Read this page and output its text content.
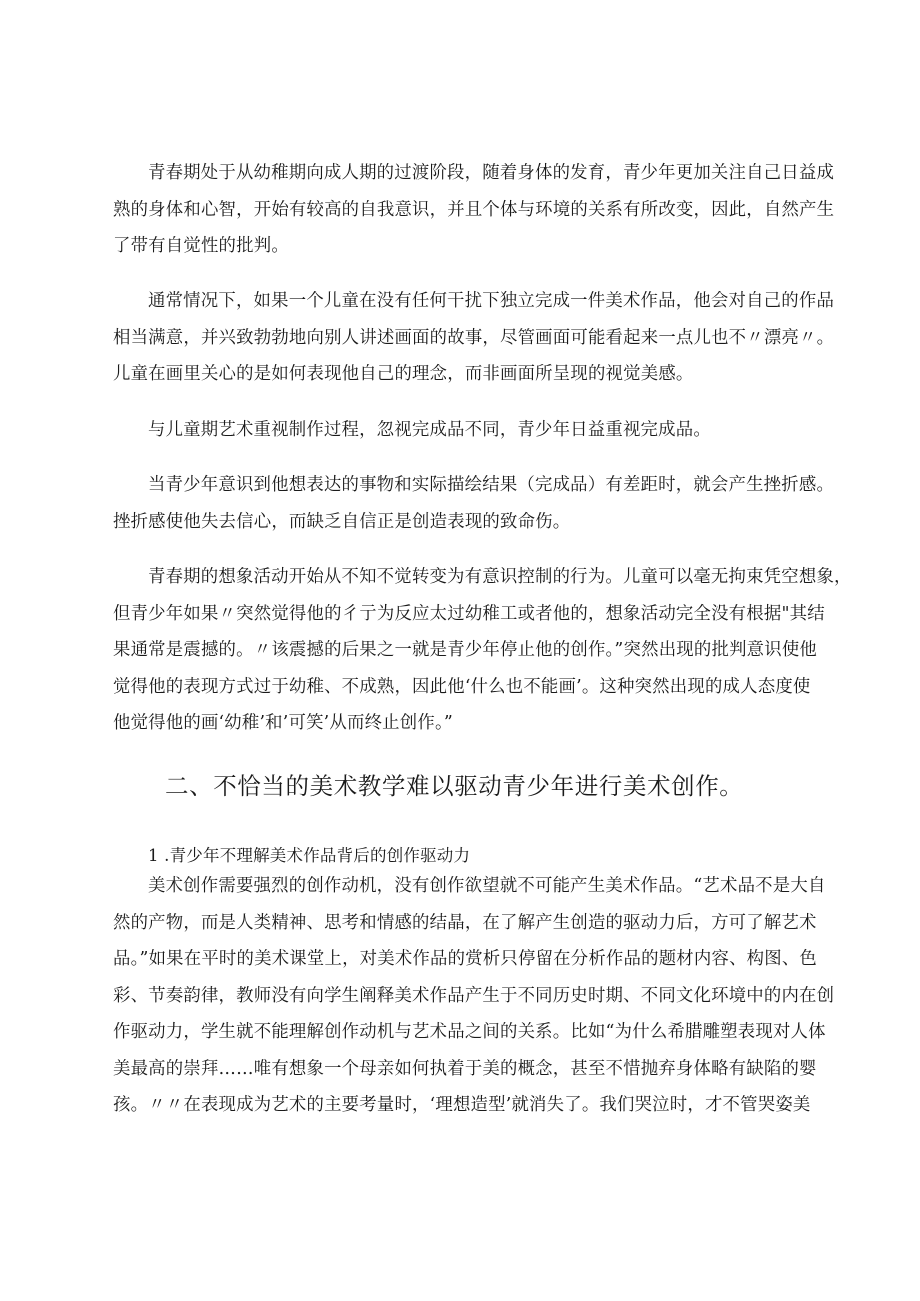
青春期处于从幼稚期向成人期的过渡阶段，随着身体的发育，青少年更加关注自己日益成
熟的身体和心智，开始有较高的自我意识，并且个体与环境的关系有所改变，因此，自然产生
了带有自觉性的批判。
通常情况下，如果一个儿童在没有任何干扰下独立完成一件美术作品，他会对自己的作品
相当满意，并兴致勃勃地向别人讲述画面的故事，尽管画面可能看起来一点儿也不〃漂亮〃。
儿童在画里关心的是如何表现他自己的理念，而非画面所呈现的视觉美感。
与儿童期艺术重视制作过程，忽视完成品不同，青少年日益重视完成品。
当青少年意识到他想表达的事物和实际描绘结果（完成品）有差距时，就会产生挫折感。
挫折感使他失去信心，而缺乏自信正是创造表现的致命伤。
青春期的想象活动开始从不知不觉转变为有意识控制的行为。儿童可以毫无拘束凭空想象，
但青少年如果〃突然觉得他的彳亍为反应太过幼稚工或者他的，想象活动完全没有根据"其结
果通常是震撼的。〃该震撼的后果之一就是青少年停止他的创作。”突然出现的批判意识使他
觉得他的表现方式过于幼稚、不成熟，因此他‘什么也不能画’。这种突然出现的成人态度使
他觉得他的画‘幼稚’和’可笑’从而终止创作。”
二、不恰当的美术教学难以驱动青少年进行美术创作。
1 .青少年不理解美术作品背后的创作驱动力
美术创作需要强烈的创作动机，没有创作欲望就不可能产生美术作品。“艺术品不是大自
然的产物，而是人类精神、思考和情感的结晶，在了解产生创造的驱动力后，方可了解艺术
品。”如果在平时的美术课堂上，对美术作品的赏析只停留在分析作品的题材内容、构图、色
彩、节奏韵律，教师没有向学生阐释美术作品产生于不同历史时期、不同文化环境中的内在创
作驱动力，学生就不能理解创作动机与艺术品之间的关系。比如“为什么希腊雕塑表现对人体
美最高的崇拜……唯有想象一个母亲如何执着于美的概念，甚至不惜抛弃身体略有缺陷的婴
孩。〃〃在表现成为艺术的主要考量时，‘理想造型’就消失了。我们哭泣时，才不管哭姿美
